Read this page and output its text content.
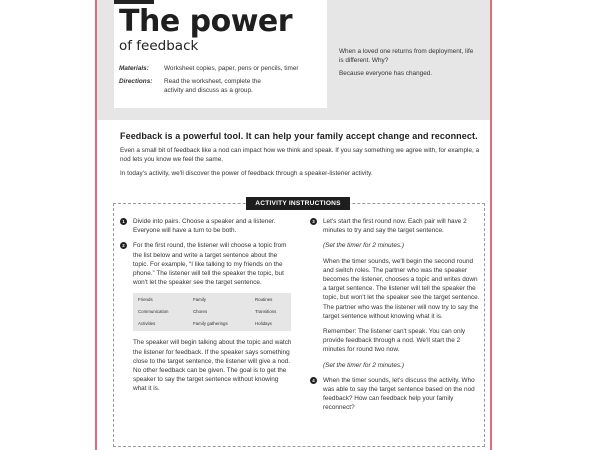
The power
of feedback
Materials:	Worksheet copies, paper, pens or pencils, timer
Directions:	Read the worksheet, complete the activity and discuss as a group.

When a loved one returns from deployment, life is different. Why?

Because everyone has changed.

Feedback is a powerful tool. It can help your family accept change and reconnect.

Even a small bit of feedback like a nod can impact how we think and speak. If you say something we agree with, for example, a nod lets you know we feel the same.

In today's activity, we'll discover the power of feedback through a speaker-listener activity.

ACTIVITY INSTRUCTIONS
1	Divide into pairs. Choose a speaker and a listener. Everyone will have a turn to be both.
2	For the first round, the listener will choose a topic from the list below and write a target sentence about the topic. For example, “I like talking to my friends on the phone.” The listener will tell the speaker the topic, but won't let the speaker see the target sentence.
Friends	Family	Routines
Communication	Chores	Transitions
Activities	Family gatherings	Holidays
The speaker will begin talking about the topic and watch the listener for feedback. If the speaker says something close to the target sentence, the listener will give a nod. No other feedback can be given. The goal is to get the speaker to say the target sentence without knowing what it is.
3	Let's start the first round now. Each pair will have 2 minutes to try and say the target sentence.
(Set the timer for 2 minutes.)
When the timer sounds, we'll begin the second round and switch roles. The partner who was the speaker becomes the listener, chooses a topic and writes down a target sentence. The listener will tell the speaker the topic, but won't let the speaker see the target sentence. The partner who was the listener will now try to say the target sentence without knowing what it is.
Remember: The listener can't speak. You can only provide feedback through a nod. We'll start the 2 minutes for round two now.
(Set the timer for 2 minutes.)
4	When the timer sounds, let's discuss the activity. Who was able to say the target sentence based on the nod feedback? How can feedback help your family reconnect?
